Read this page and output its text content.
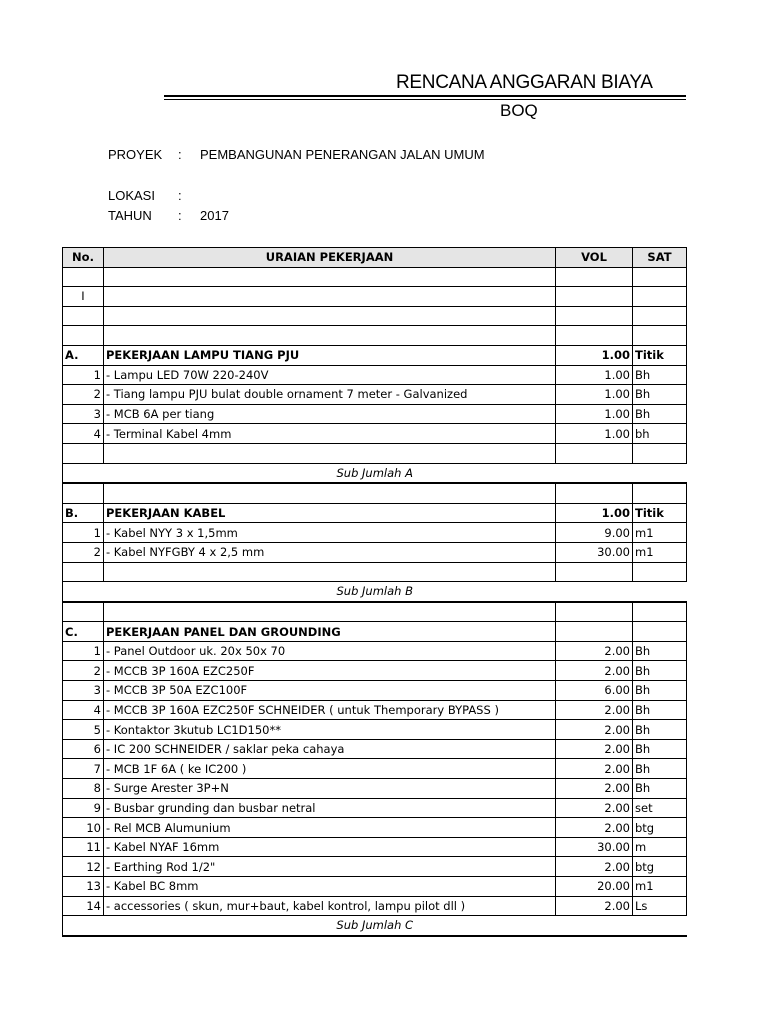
RENCANA ANGGARAN BIAYA
BOQ
PROYEK : PEMBANGUNAN PENERANGAN JALAN UMUM
LOKASI :
TAHUN : 2017
No.	URAIAN PEKERJAAN	VOL	SAT

I			

A.	PEKERJAAN LAMPU TIANG PJU	1.00	Titik
1	- Lampu LED 70W 220-240V	1.00	Bh
2	- Tiang lampu PJU bulat double ornament 7 meter - Galvanized	1.00	Bh
3	- MCB 6A per tiang	1.00	Bh
4	- Terminal Kabel 4mm	1.00	bh

Sub Jumlah A			

B.	PEKERJAAN KABEL	1.00	Titik
1	- Kabel NYY 3 x 1,5mm	9.00	m1
2	- Kabel NYFGBY 4 x 2,5 mm	30.00	m1

Sub Jumlah B			

C.	PEKERJAAN PANEL DAN GROUNDING		
1	- Panel Outdoor uk. 20x 50x 70	2.00	Bh
2	- MCCB 3P 160A EZC250F	2.00	Bh
3	- MCCB 3P 50A EZC100F	6.00	Bh
4	- MCCB 3P 160A EZC250F SCHNEIDER ( untuk Themporary BYPASS )	2.00	Bh
5	- Kontaktor 3kutub LC1D150**	2.00	Bh
6	- IC 200 SCHNEIDER / saklar peka cahaya	2.00	Bh
7	- MCB 1F 6A ( ke IC200 )	2.00	Bh
8	- Surge Arester 3P+N	2.00	Bh
9	- Busbar grunding dan busbar netral	2.00	set
10	- Rel MCB Alumunium	2.00	btg
11	- Kabel NYAF 16mm	30.00	m
12	- Earthing Rod 1/2"	2.00	btg
13	- Kabel BC 8mm	20.00	m1
14	- accessories ( skun, mur+baut, kabel kontrol, lampu pilot dll )	2.00	Ls
Sub Jumlah C			
